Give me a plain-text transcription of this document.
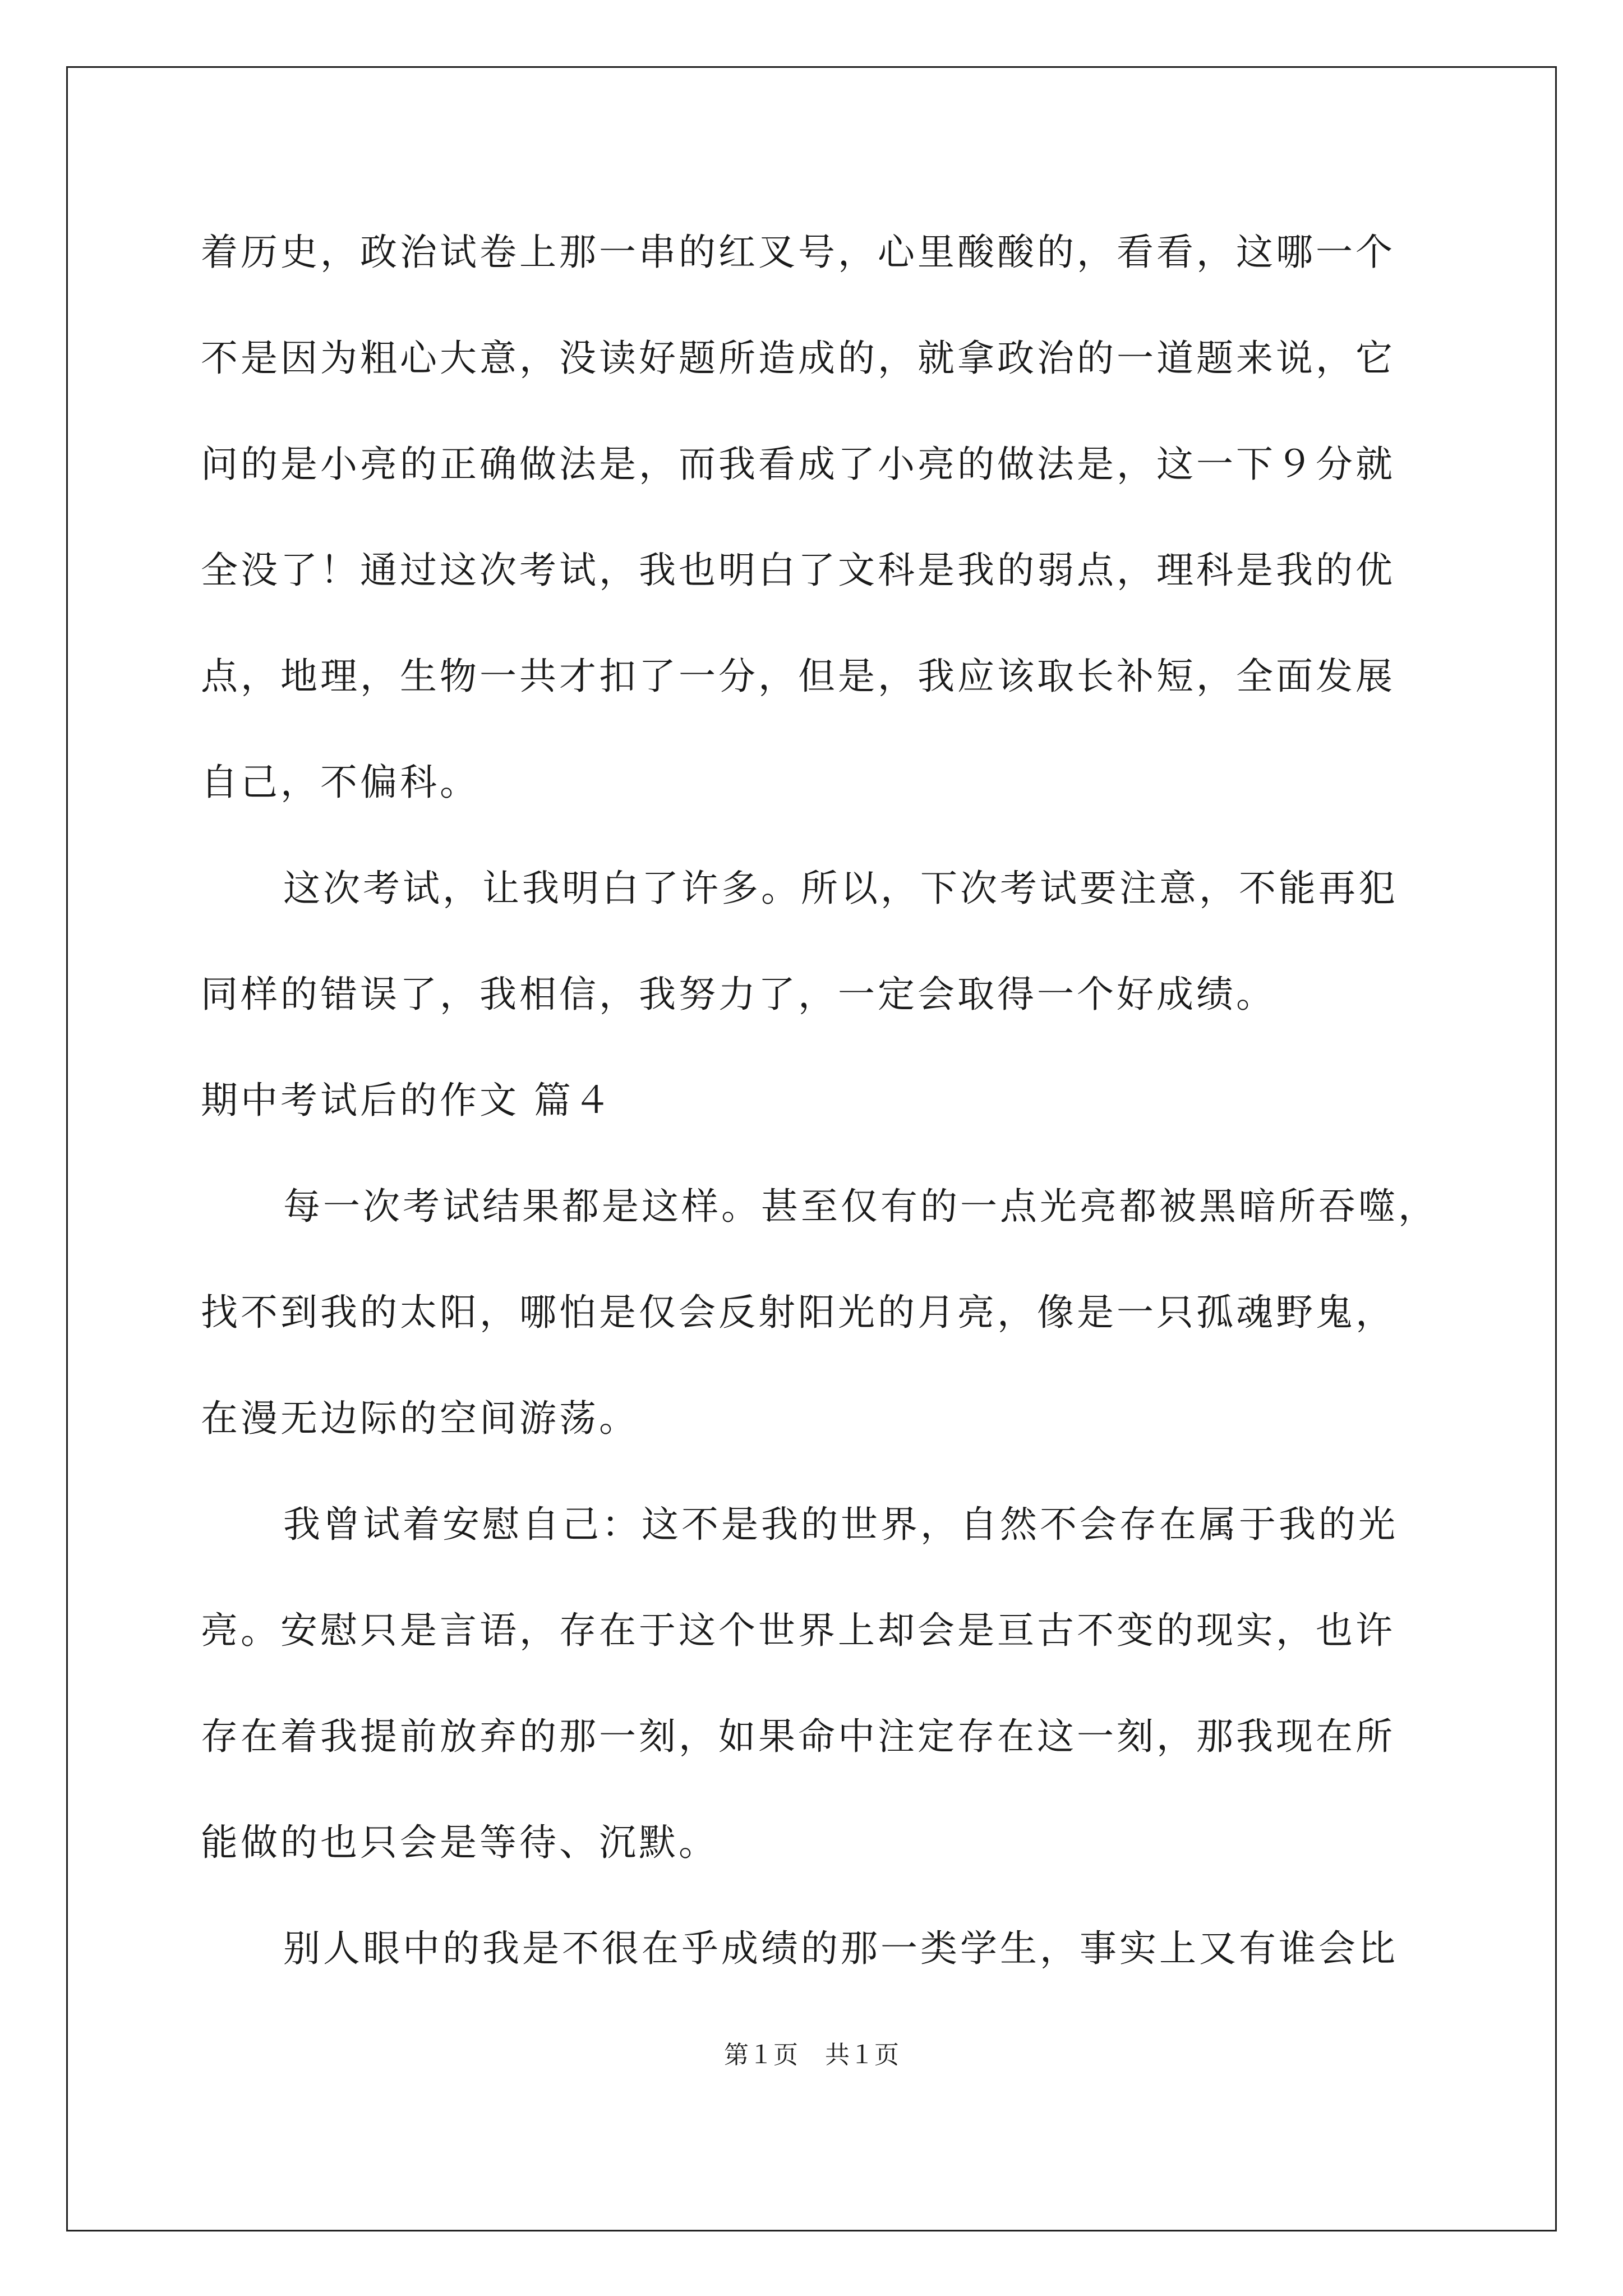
着历史，政治试卷上那一串的红叉号，心里酸酸的，看看，这哪一个
不是因为粗心大意，没读好题所造成的，就拿政治的一道题来说，它
问的是小亮的正确做法是，而我看成了小亮的做法是，这一下９分就
全没了！通过这次考试，我也明白了文科是我的弱点，理科是我的优
点，地理，生物一共才扣了一分，但是，我应该取长补短，全面发展
自己，不偏科。
这次考试，让我明白了许多。所以，下次考试要注意，不能再犯
同样的错误了，我相信，我努力了，一定会取得一个好成绩。
期中考试后的作文 篇４
每一次考试结果都是这样。甚至仅有的一点光亮都被黑暗所吞噬，
找不到我的太阳，哪怕是仅会反射阳光的月亮，像是一只孤魂野鬼，
在漫无边际的空间游荡。
我曾试着安慰自己：这不是我的世界，自然不会存在属于我的光
亮。安慰只是言语，存在于这个世界上却会是亘古不变的现实，也许
存在着我提前放弃的那一刻，如果命中注定存在这一刻，那我现在所
能做的也只会是等待、沉默。
别人眼中的我是不很在乎成绩的那一类学生，事实上又有谁会比
第１页 共１页
